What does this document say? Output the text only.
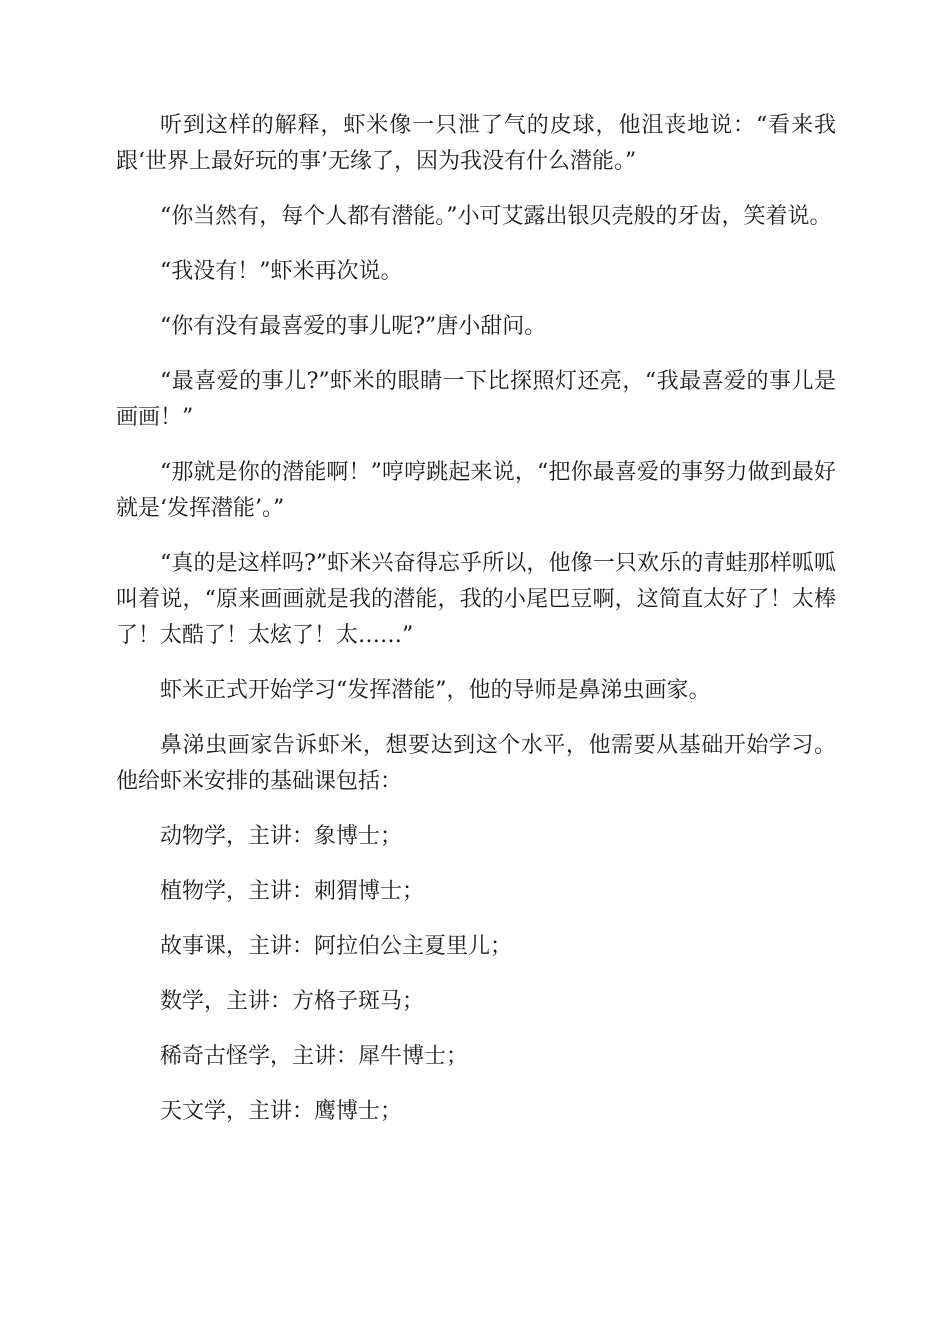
听到这样的解释，虾米像一只泄了气的皮球，他沮丧地说：“看来我跟‘世界上最好玩的事’无缘了，因为我没有什么潜能。”

“你当然有，每个人都有潜能。”小可艾露出银贝壳般的牙齿，笑着说。

“我没有！”虾米再次说。

“你有没有最喜爱的事儿呢?”唐小甜问。

“最喜爱的事儿?”虾米的眼睛一下比探照灯还亮，“我最喜爱的事儿是画画！”

“那就是你的潜能啊！”哼哼跳起来说，“把你最喜爱的事努力做到最好就是‘发挥潜能’。”

“真的是这样吗?”虾米兴奋得忘乎所以，他像一只欢乐的青蛙那样呱呱叫着说，“原来画画就是我的潜能，我的小尾巴豆啊，这简直太好了！太棒了！太酷了！太炫了！太……”

虾米正式开始学习“发挥潜能”，他的导师是鼻涕虫画家。

鼻涕虫画家告诉虾米，想要达到这个水平，他需要从基础开始学习。他给虾米安排的基础课包括：

动物学，主讲：象博士；

植物学，主讲：刺猬博士；

故事课，主讲：阿拉伯公主夏里儿；

数学，主讲：方格子斑马；

稀奇古怪学，主讲：犀牛博士；

天文学，主讲：鹰博士；
